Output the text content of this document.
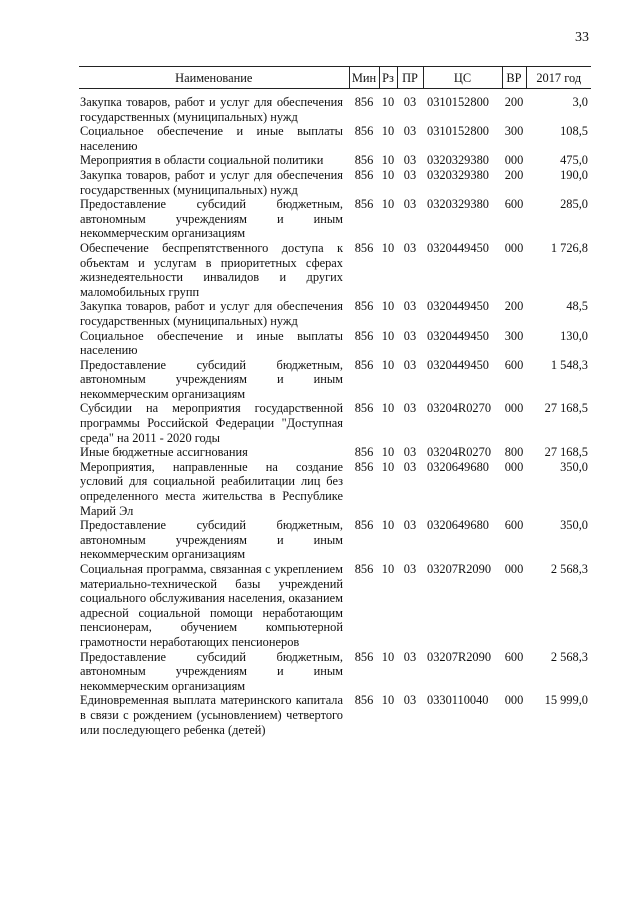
33
Наименование	Мин	Рз	ПР	ЦС	ВР	2017 год
Закупка товаров, работ и услуг для обеспечения государственных (муниципальных) нужд	856	10	03	0310152800	200	3,0
Социальное обеспечение и иные выплаты населению	856	10	03	0310152800	300	108,5
Мероприятия в области социальной политики	856	10	03	0320329380	000	475,0
Закупка товаров, работ и услуг для обеспечения государственных (муниципальных) нужд	856	10	03	0320329380	200	190,0
Предоставление субсидий бюджетным, автономным учреждениям и иным некоммерческим организациям	856	10	03	0320329380	600	285,0
Обеспечение беспрепятственного доступа к объектам и услугам в приоритетных сферах жизнедеятельности инвалидов и других маломобильных групп	856	10	03	0320449450	000	1 726,8
Закупка товаров, работ и услуг для обеспечения государственных (муниципальных) нужд	856	10	03	0320449450	200	48,5
Социальное обеспечение и иные выплаты населению	856	10	03	0320449450	300	130,0
Предоставление субсидий бюджетным, автономным учреждениям и иным некоммерческим организациям	856	10	03	0320449450	600	1 548,3
Субсидии на мероприятия государственной программы Российской Федерации "Доступная среда" на 2011 - 2020 годы	856	10	03	03204R0270	000	27 168,5
Иные бюджетные ассигнования	856	10	03	03204R0270	800	27 168,5
Мероприятия, направленные на создание условий для социальной реабилитации лиц без определенного места жительства в Республике Марий Эл	856	10	03	0320649680	000	350,0
Предоставление субсидий бюджетным, автономным учреждениям и иным некоммерческим организациям	856	10	03	0320649680	600	350,0
Социальная программа, связанная с укреплением материально-технической базы учреждений социального обслуживания населения, оказанием адресной социальной помощи неработающим пенсионерам, обучением компьютерной грамотности неработающих пенсионеров	856	10	03	03207R2090	000	2 568,3
Предоставление субсидий бюджетным, автономным учреждениям и иным некоммерческим организациям	856	10	03	03207R2090	600	2 568,3
Единовременная выплата материнского капитала в связи с рождением (усыновлением) четвертого или последующего ребенка (детей)	856	10	03	0330110040	000	15 999,0
